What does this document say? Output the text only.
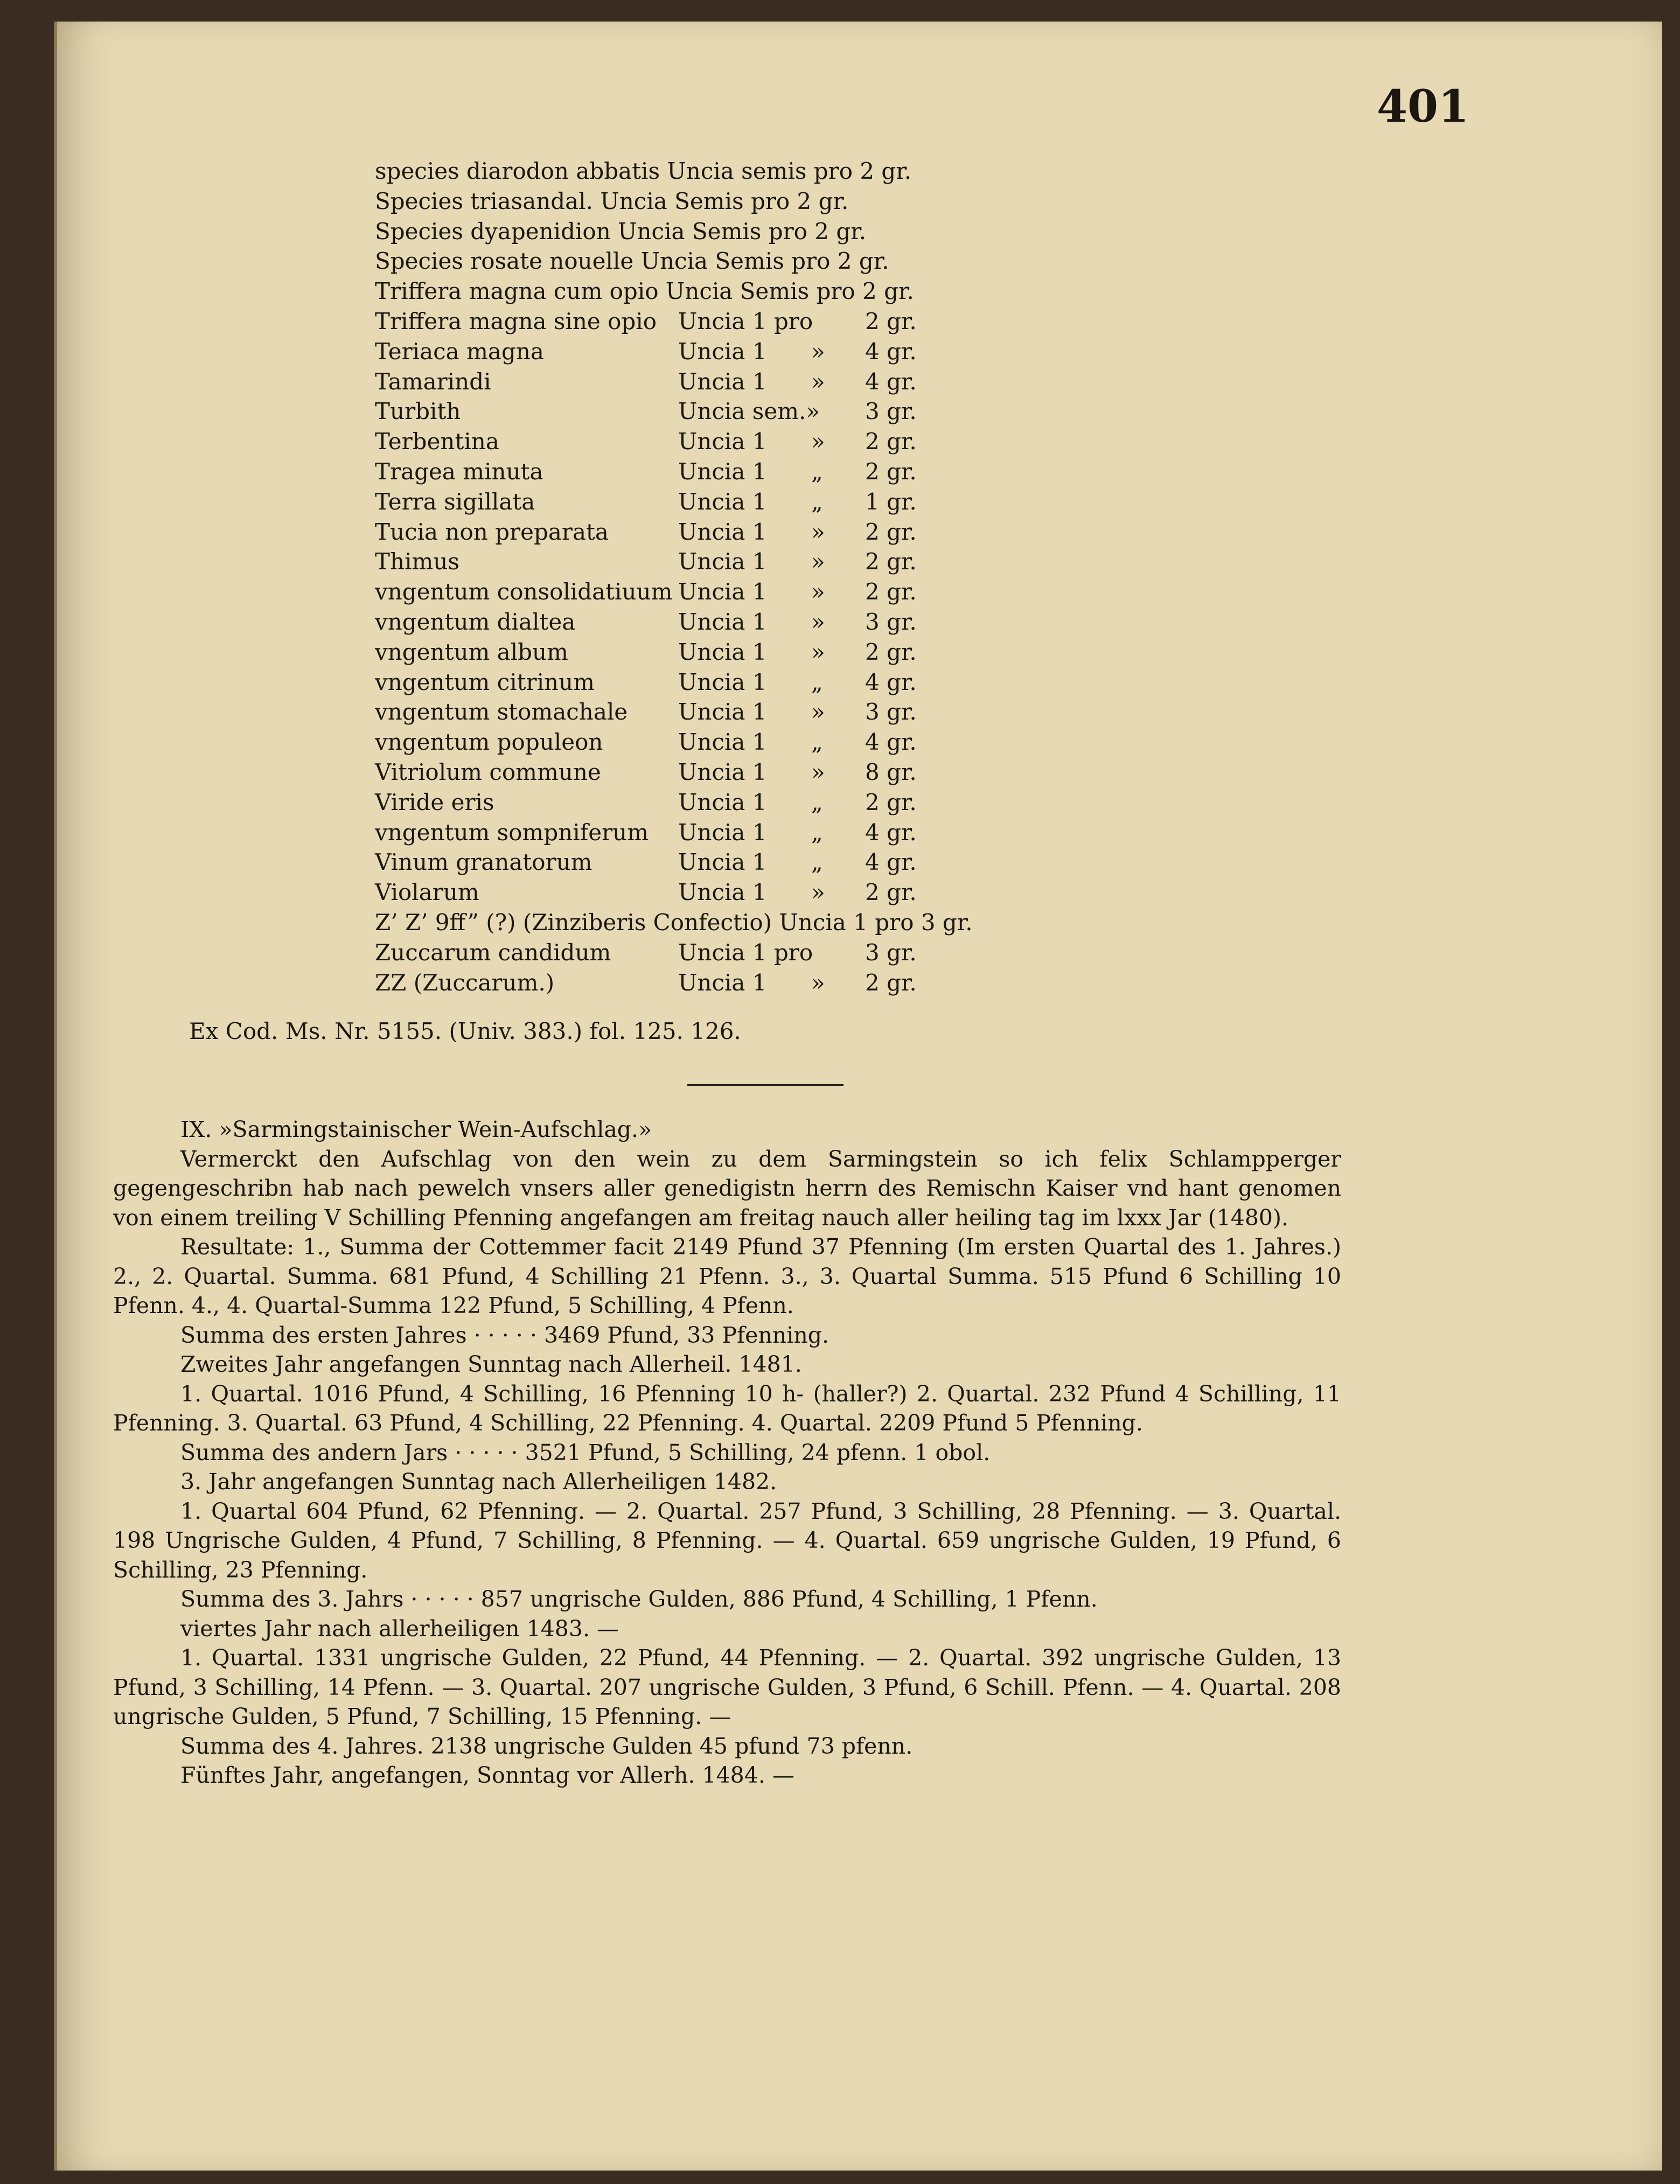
401
species diarodon abbatis Uncia semis pro 2 gr.
Species triasandal. Uncia Semis pro 2 gr.
Species dyapenidion Uncia Semis pro 2 gr.
Species rosate nouelle Uncia Semis pro 2 gr.
Triffera magna cum opio Uncia Semis pro 2 gr.
Triffera magna sine opio Uncia 1 pro 2 gr.
Teriaca magna	Uncia 1 » 4 gr.
Tamarindi	Uncia 1 » 4 gr.
Turbith	Uncia sem.» 3 gr.
Terbentina	Uncia 1 » 2 gr.
Tragea minuta	Uncia 1 „ 2 gr.
Terra sigillata	Uncia 1 „ 1 gr.
Tucia non preparata	Uncia 1 » 2 gr.
Thimus	Uncia 1 » 2 gr.
vngentum consolidatiuum Uncia 1 » 2 gr.
vngentum dialtea	Uncia 1 » 3 gr.
vngentum album	Uncia 1 » 2 gr.
vngentum citrinum	Uncia 1 „ 4 gr.
vngentum stomachale Uncia 1 » 3 gr.
vngentum populeon	Uncia 1 „ 4 gr.
Vitriolum commune	Uncia 1 » 8 gr.
Viride eris	Uncia 1 „ 2 gr.
vngentum sompniferum Uncia 1 „ 4 gr.
Vinum granatorum	Uncia 1 „ 4 gr.
Violarum	Uncia 1 » 2 gr.
Z’ Z’ 9ﬀ” (?) (Zinziberis Confectio) Uncia 1 pro 3 gr.
Zuccarum candidum	Uncia 1 pro 3 gr.
ZZ (Zuccarum.)	Uncia 1 » 2 gr.
Ex Cod. Ms. Nr. 5155. (Univ. 383.) fol. 125. 126.

IX. »Sarmingstainischer Wein-Aufschlag.»

Vermerckt den Aufschlag von den wein zu dem Sarmingstein so ich felix Schlampperger gegengeschribn hab nach pewelch vnsers aller genedigistn herrn des Remischn Kaiser vnd hant genomen von einem treiling V Schilling Pfenning angefangen am freitag nauch aller heiling tag im lxxx Jar (1480).

Resultate: 1., Summa der Cottemmer facit 2149 Pfund 37 Pfenning (Im ersten Quartal des 1. Jahres.) 2., 2. Quartal. Summa. 681 Pfund, 4 Schilling 21 Pfenn. 3., 3. Quartal Summa. 515 Pfund 6 Schilling 10 Pfenn. 4., 4. Quartal-Summa 122 Pfund, 5 Schilling, 4 Pfenn.

Summa des ersten Jahres · · · · · 3469 Pfund, 33 Pfenning.

Zweites Jahr angefangen Sunntag nach Allerheil. 1481.

1. Quartal. 1016 Pfund, 4 Schilling, 16 Pfenning 10 h- (haller?) 2. Quartal. 232 Pfund 4 Schilling, 11 Pfenning. 3. Quartal. 63 Pfund, 4 Schilling, 22 Pfenning. 4. Quartal. 2209 Pfund 5 Pfenning.

Summa des andern Jars · · · · · 3521 Pfund, 5 Schilling, 24 pfenn. 1 obol.

3. Jahr angefangen Sunntag nach Allerheiligen 1482.

1. Quartal 604 Pfund, 62 Pfenning. — 2. Quartal. 257 Pfund, 3 Schilling, 28 Pfenning. — 3. Quartal. 198 Ungrische Gulden, 4 Pfund, 7 Schilling, 8 Pfenning. — 4. Quartal. 659 ungrische Gulden, 19 Pfund, 6 Schilling, 23 Pfenning.

Summa des 3. Jahrs · · · · · 857 ungrische Gulden, 886 Pfund, 4 Schilling, 1 Pfenn.

viertes Jahr nach allerheiligen 1483. —

1. Quartal. 1331 ungrische Gulden, 22 Pfund, 44 Pfenning. — 2. Quartal. 392 ungrische Gulden, 13 Pfund, 3 Schilling, 14 Pfenn. — 3. Quartal. 207 ungrische Gulden, 3 Pfund, 6 Schill. Pfenn. — 4. Quartal. 208 ungrische Gulden, 5 Pfund, 7 Schilling, 15 Pfenning. —

Summa des 4. Jahres. 2138 ungrische Gulden 45 pfund 73 pfenn.

Fünftes Jahr, angefangen, Sonntag vor Allerh. 1484. —
